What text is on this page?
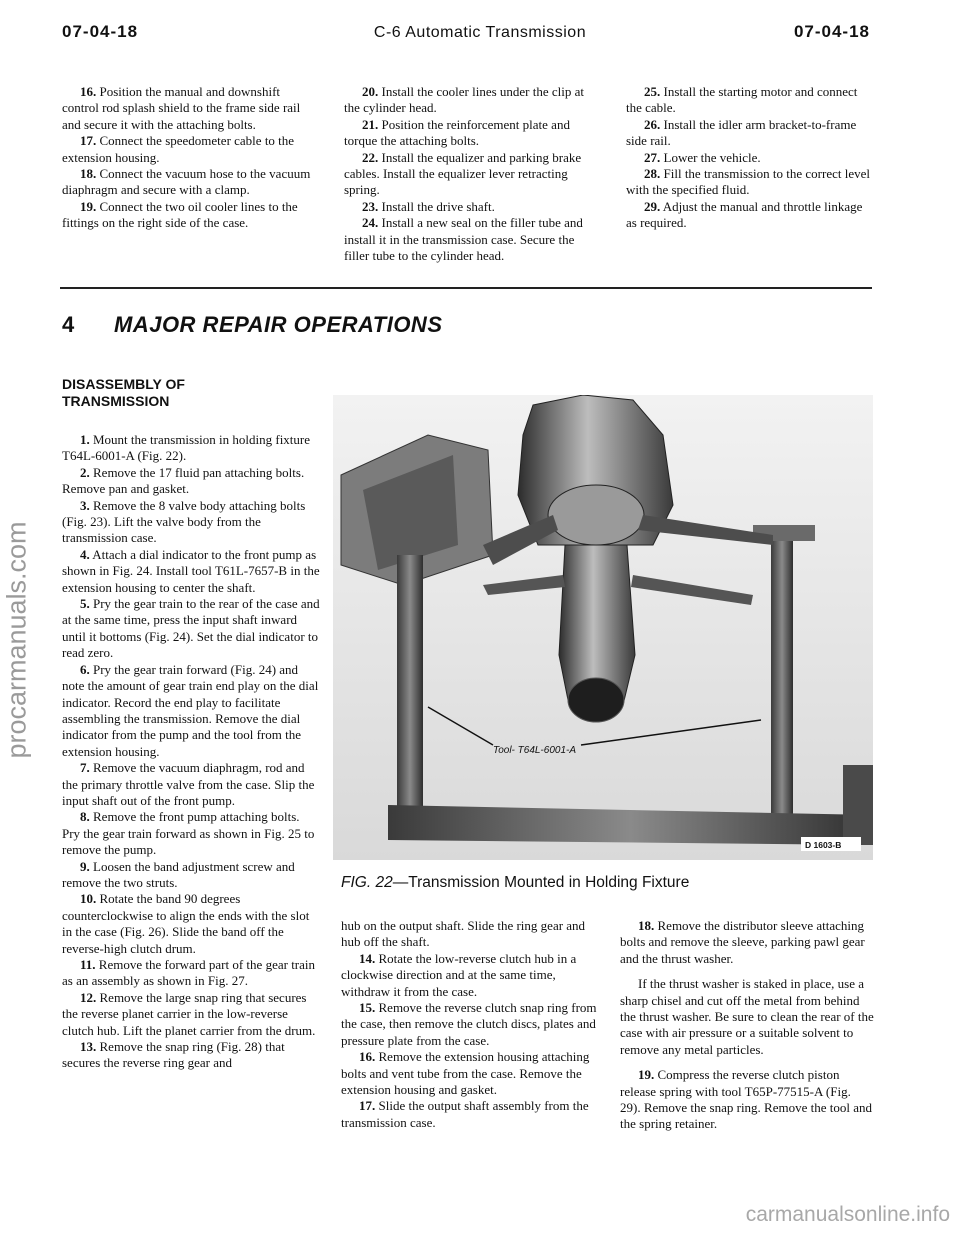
07-04-18	C-6 Automatic Transmission	07-04-18

16. Position the manual and downshift control rod splash shield to the frame side rail and secure it with the attaching bolts.

17. Connect the speedometer cable to the extension housing.

18. Connect the vacuum hose to the vacuum diaphragm and secure with a clamp.

19. Connect the two oil cooler lines to the fittings on the right side of the case.

20. Install the cooler lines under the clip at the cylinder head.

21. Position the reinforcement plate and torque the attaching bolts.

22. Install the equalizer and parking brake cables. Install the equalizer lever retracting spring.

23. Install the drive shaft.

24. Install a new seal on the filler tube and install it in the transmission case. Secure the filler tube to the cylinder head.

25. Install the starting motor and connect the cable.

26. Install the idler arm bracket-to-frame side rail.

27. Lower the vehicle.

28. Fill the transmission to the correct level with the specified fluid.

29. Adjust the manual and throttle linkage as required.

4 MAJOR REPAIR OPERATIONS
DISASSEMBLY OF
TRANSMISSION

1. Mount the transmission in holding fixture T64L-6001-A (Fig. 22).

2. Remove the 17 fluid pan attaching bolts. Remove pan and gasket.

3. Remove the 8 valve body attaching bolts (Fig. 23). Lift the valve body from the transmission case.

4. Attach a dial indicator to the front pump as shown in Fig. 24. Install tool T61L-7657-B in the extension housing to center the shaft.

5. Pry the gear train to the rear of the case and at the same time, press the input shaft inward until it bottoms (Fig. 24). Set the dial indicator to read zero.

6. Pry the gear train forward (Fig. 24) and note the amount of gear train end play on the dial indicator. Record the end play to facilitate assembling the transmission. Remove the dial indicator from the pump and the tool from the extension housing.

7. Remove the vacuum diaphragm, rod and the primary throttle valve from the case. Slip the input shaft out of the front pump.

8. Remove the front pump attaching bolts. Pry the gear train forward as shown in Fig. 25 to remove the pump.

9. Loosen the band adjustment screw and remove the two struts.

10. Rotate the band 90 degrees counterclockwise to align the ends with the slot in the case (Fig. 26). Slide the band off the reverse-high clutch drum.

11. Remove the forward part of the gear train as an assembly as shown in Fig. 27.

12. Remove the large snap ring that secures the reverse planet carrier in the low-reverse clutch hub. Lift the planet carrier from the drum.

13. Remove the snap ring (Fig. 28) that secures the reverse ring gear and

Tool- T64L-6001-A
D 1603-B
FIG. 22—Transmission Mounted in Holding Fixture

hub on the output shaft. Slide the ring gear and hub off the shaft.

14. Rotate the low-reverse clutch hub in a clockwise direction and at the same time, withdraw it from the case.

15. Remove the reverse clutch snap ring from the case, then remove the clutch discs, plates and pressure plate from the case.

16. Remove the extension housing attaching bolts and vent tube from the case. Remove the extension housing and gasket.

17. Slide the output shaft assembly from the transmission case.

18. Remove the distributor sleeve attaching bolts and remove the sleeve, parking pawl gear and the thrust washer.

If the thrust washer is staked in place, use a sharp chisel and cut off the metal from behind the thrust washer. Be sure to clean the rear of the case with air pressure or a suitable solvent to remove any metal particles.

19. Compress the reverse clutch piston release spring with tool T65P-77515-A (Fig. 29). Remove the snap ring. Remove the tool and the spring retainer.

procarmanuals.com
carmanualsonline.info
